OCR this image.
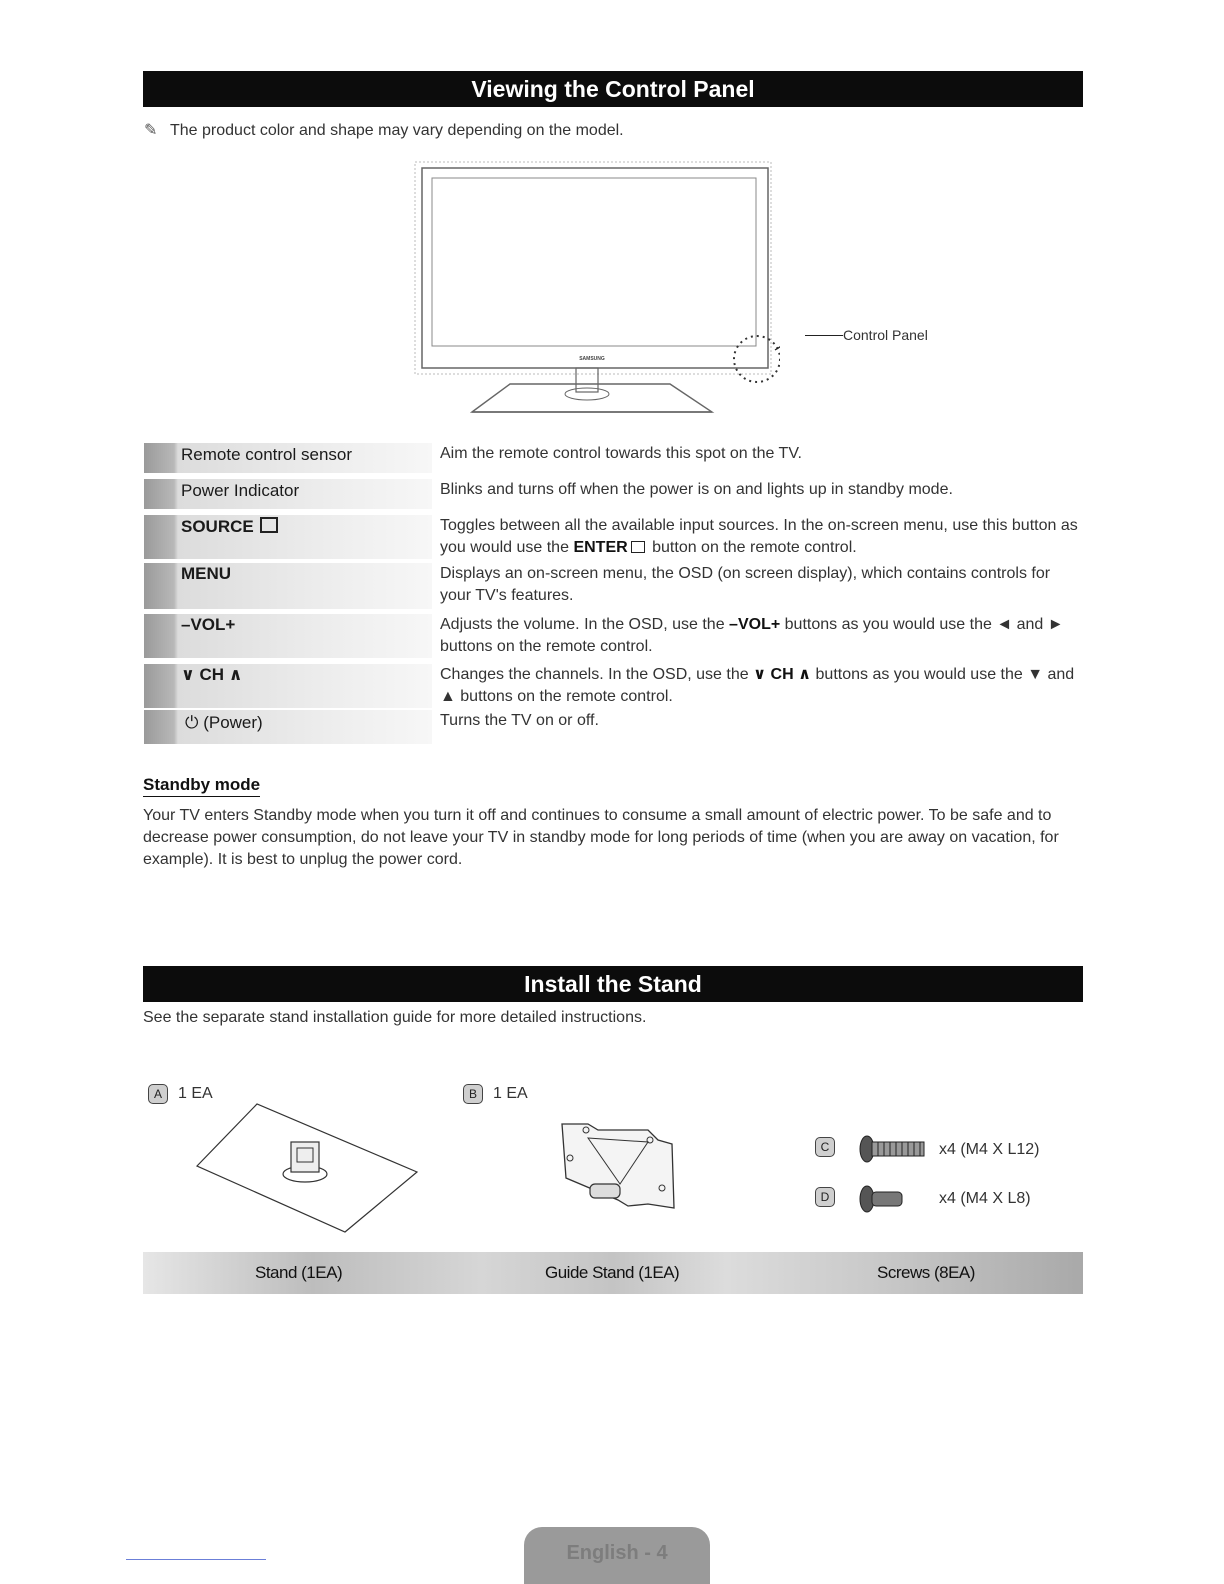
Viewing the Control Panel
✎ The product color and shape may vary depending on the model.
SAMSUNG
Control Panel
Remote control sensor	Aim the remote control towards this spot on the TV.
Power Indicator	Blinks and turns off when the power is on and lights up in standby mode.
SOURCE	Toggles between all the available input sources. In the on-screen menu, use this button as you would use the ENTER button on the remote control.
MENU	Displays an on-screen menu, the OSD (on screen display), which contains controls for your TV's features.
–VOL+	Adjusts the volume. In the OSD, use the –VOL+ buttons as you would use the ◄ and ► buttons on the remote control.
∨ CH ∧	Changes the channels. In the OSD, use the ∨ CH ∧ buttons as you would use the ▼ and ▲ buttons on the remote control.
⏻ (Power)	Turns the TV on or off.
Standby mode
Your TV enters Standby mode when you turn it off and continues to consume a small amount of electric power. To be safe and to decrease power consumption, do not leave your TV in standby mode for long periods of time (when you are away on vacation, for example). It is best to unplug the power cord.
Install the Stand
See the separate stand installation guide for more detailed instructions.
A 1 EA	B 1 EA
C	x4 (M4 X L12)
D	x4 (M4 X L8)
Stand (1EA)	Guide Stand (1EA)	Screws (8EA)
English - 4
